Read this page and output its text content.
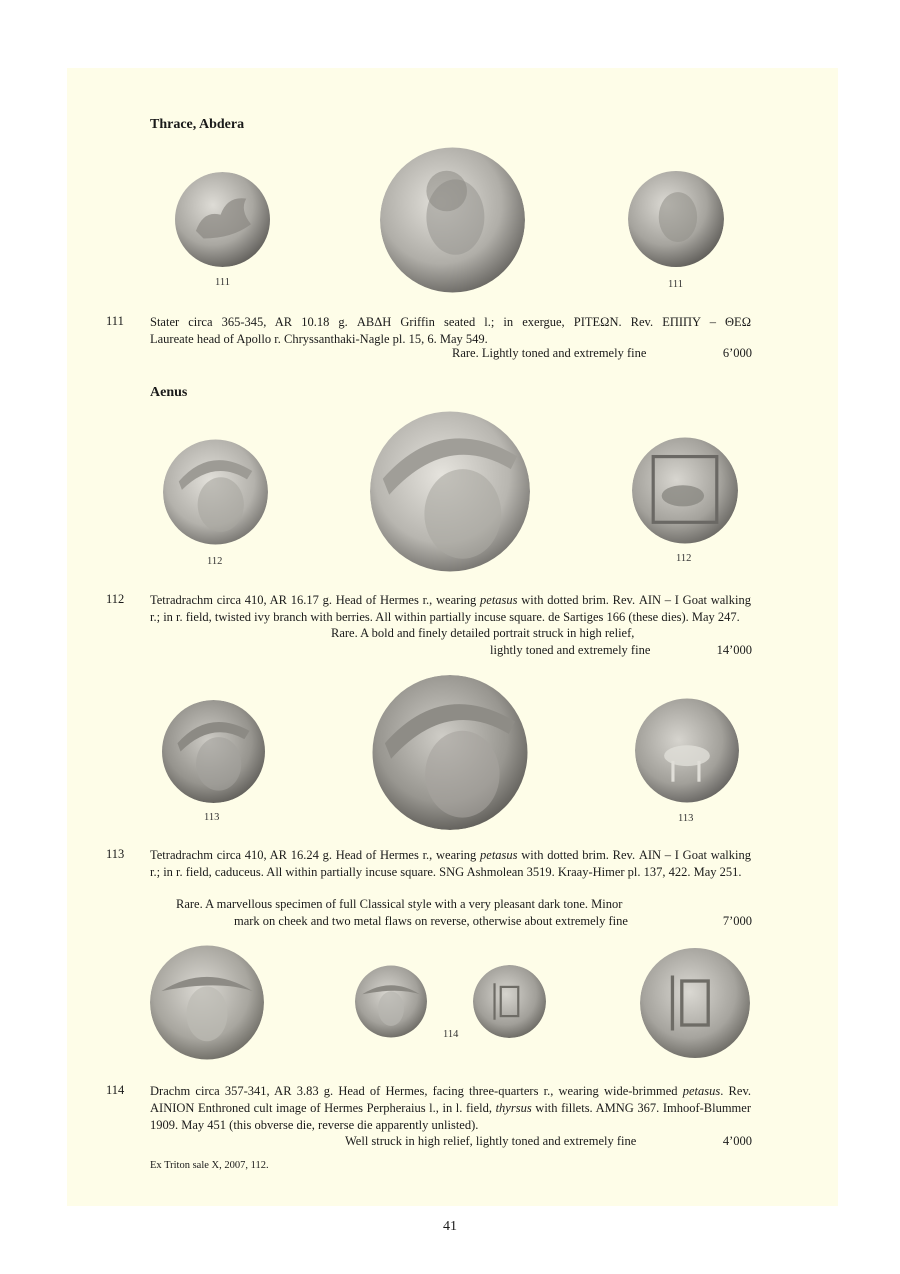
Thrace, Abdera
111	111
111 Stater circa 365-345, AR 10.18 g. ΑΒΔΗ Griffin seated l.; in exergue, ΡΙΤΕΩΝ. Rev. ΕΠΙΠΥ – ΘΕΩ

Laureate head of Apollo r. Chryssanthaki-Nagle pl. 15, 6. May 549.

Rare. Lightly toned and extremely fine	6’000
Aenus
112	112
112 Tetradrachm circa 410, AR 16.17 g. Head of Hermes r., wearing petasus with dotted brim. Rev. ΑΙΝ – Ι Goat walking r.; in r. field, twisted ivy branch with berries. All within partially incuse square. de Sartiges 166 (these dies). May 247.

Rare. A bold and finely detailed portrait struck in high relief,
lightly toned and extremely fine	14’000
113	113
113 Tetradrachm circa 410, AR 16.24 g. Head of Hermes r., wearing petasus with dotted brim. Rev. ΑΙΝ – Ι Goat walking r.; in r. field, caduceus. All within partially incuse square. SNG Ashmolean 3519. Kraay-Himer pl. 137, 422. May 251.

Rare. A marvellous specimen of full Classical style with a very pleasant dark tone. Minor
mark on cheek and two metal flaws on reverse, otherwise about extremely fine	7’000
114
114 Drachm circa 357-341, AR 3.83 g. Head of Hermes, facing three-quarters r., wearing wide-brimmed petasus. Rev. ΑΙΝΙΟΝ Enthroned cult image of Hermes Perpheraius l., in l. field, thyrsus with fillets. AMNG 367. Imhoof-Blummer 1909. May 451 (this obverse die, reverse die apparently unlisted).

Well struck in high relief, lightly toned and extremely fine	4’000
Ex Triton sale X, 2007, 112.
41
